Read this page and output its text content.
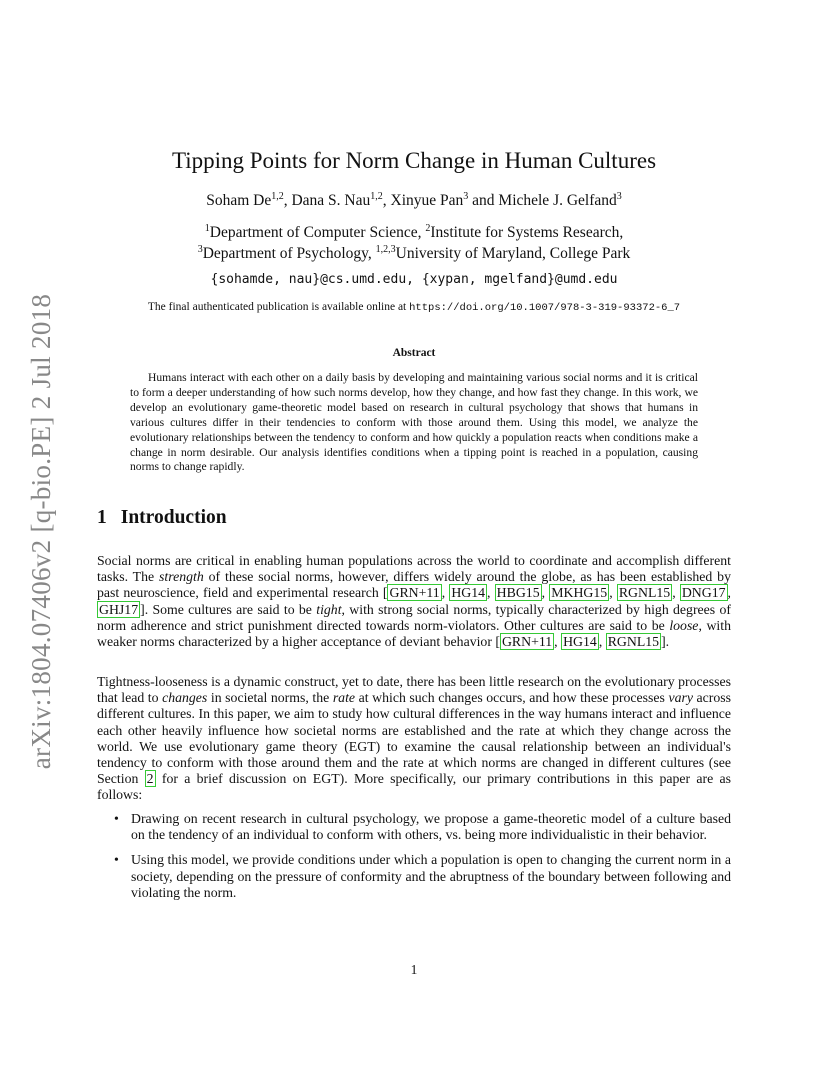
arXiv:1804.07406v2 [q-bio.PE] 2 Jul 2018
Tipping Points for Norm Change in Human Cultures
Soham De$^{1,2}$, Dana S. Nau$^{1,2}$, Xinyue Pan$^3$ and Michele J. Gelfand$^3$
$^1$Department of Computer Science, $^2$Institute for Systems Research,
$^3$Department of Psychology, $^{1,2,3}$University of Maryland, College Park
{sohamde, nau}@cs.umd.edu, {xypan, mgelfand}@umd.edu
The final authenticated publication is available online at https://doi.org/10.1007/978-3-319-93372-6_7
Abstract

Humans interact with each other on a daily basis by developing and maintaining various social norms and it is critical to form a deeper understanding of how such norms develop, how they change, and how fast they change. In this work, we develop an evolutionary game-theoretic model based on research in cultural psychology that shows that humans in various cultures differ in their tendencies to conform with those around them. Using this model, we analyze the evolutionary relationships between the tendency to conform and how quickly a population reacts when conditions make a change in norm desirable. Our analysis identifies conditions when a tipping point is reached in a population, causing norms to change rapidly.

1 Introduction

Social norms are critical in enabling human populations across the world to coordinate and accomplish different tasks. The strength of these social norms, however, differs widely around the globe, as has been established by past neuroscience, field and experimental research [ GRN+11 , HG14 , HBG15 , MKHG15 , RGNL15 , DNG17 , GHJ17 ]. Some cultures are said to be tight, with strong social norms, typically characterized by high degrees of norm adherence and strict punishment directed towards norm-violators. Other cultures are said to be loose, with weaker norms characterized by a higher acceptance of deviant behavior [ GRN+11 , HG14 , RGNL15 ].

Tightness-looseness is a dynamic construct, yet to date, there has been little research on the evolutionary processes that lead to changes in societal norms, the rate at which such changes occurs, and how these processes vary across different cultures. In this paper, we aim to study how cultural differences in the way humans interact and influence each other heavily influence how societal norms are established and the rate at which they change across the world. We use evolutionary game theory (EGT) to examine the causal relationship between an individual's tendency to conform with those around them and the rate at which norms are changed in different cultures (see Section 2 for a brief discussion on EGT). More specifically, our primary contributions in this paper are as follows:

• Drawing on recent research in cultural psychology, we propose a game-theoretic model of a culture based on the tendency of an individual to conform with others, vs. being more individualistic in their behavior.
• Using this model, we provide conditions under which a population is open to changing the current norm in a society, depending on the pressure of conformity and the abruptness of the boundary between following and violating the norm.
1
